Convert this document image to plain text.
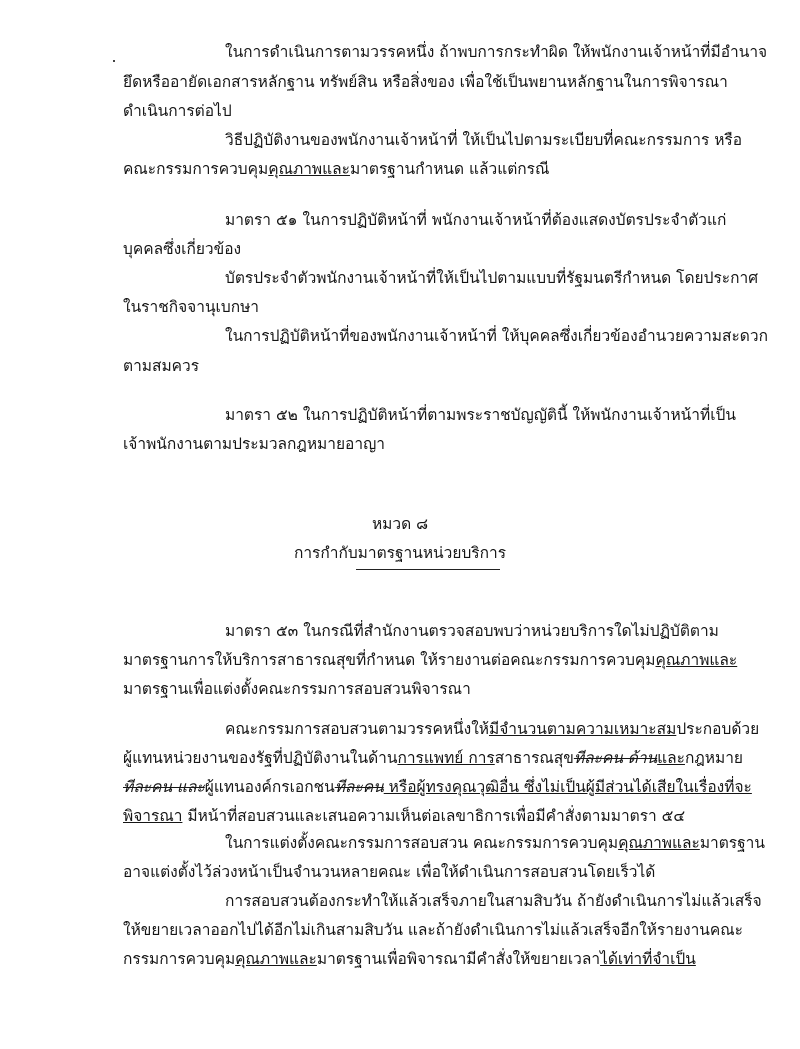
ในการดำเนินการตามวรรคหนึ่ง ถ้าพบการกระทำผิด ให้พนักงานเจ้าหน้าที่มีอำนาจ
ยึดหรืออายัดเอกสารหลักฐาน ทรัพย์สิน หรือสิ่งของ เพื่อใช้เป็นพยานหลักฐานในการพิจารณา
ดำเนินการต่อไป
วิธีปฏิบัติงานของพนักงานเจ้าหน้าที่ ให้เป็นไปตามระเบียบที่คณะกรรมการ หรือ
คณะกรรมการควบคุมคุณภาพและมาตรฐานกำหนด แล้วแต่กรณี
มาตรา ๕๑ ในการปฏิบัติหน้าที่ พนักงานเจ้าหน้าที่ต้องแสดงบัตรประจำตัวแก่
บุคคลซึ่งเกี่ยวข้อง
บัตรประจำตัวพนักงานเจ้าหน้าที่ให้เป็นไปตามแบบที่รัฐมนตรีกำหนด โดยประกาศ
ในราชกิจจานุเบกษา
ในการปฏิบัติหน้าที่ของพนักงานเจ้าหน้าที่ ให้บุคคลซึ่งเกี่ยวข้องอำนวยความสะดวก
ตามสมควร
มาตรา ๕๒ ในการปฏิบัติหน้าที่ตามพระราชบัญญัตินี้ ให้พนักงานเจ้าหน้าที่เป็น
เจ้าพนักงานตามประมวลกฎหมายอาญา
หมวด ๘
การกำกับมาตรฐานหน่วยบริการ
มาตรา ๕๓ ในกรณีที่สำนักงานตรวจสอบพบว่าหน่วยบริการใดไม่ปฏิบัติตาม
มาตรฐานการให้บริการสาธารณสุขที่กำหนด ให้รายงานต่อคณะกรรมการควบคุมคุณภาพและ
มาตรฐานเพื่อแต่งตั้งคณะกรรมการสอบสวนพิจารณา
คณะกรรมการสอบสวนตามวรรคหนึ่งให้มีจำนวนตามความเหมาะสมประกอบด้วย
ผู้แทนหน่วยงานของรัฐที่ปฏิบัติงานในด้านการแพทย์ การสาธารณสุขทีละคน ด้านและกฎหมาย
ทีละคน และผู้แทนองค์กรเอกชนทีละคน หรือผู้ทรงคุณวุฒิอื่น ซึ่งไม่เป็นผู้มีส่วนได้เสียในเรื่องที่จะ
พิจารณา มีหน้าที่สอบสวนและเสนอความเห็นต่อเลขาธิการเพื่อมีคำสั่งตามมาตรา ๕๔
ในการแต่งตั้งคณะกรรมการสอบสวน คณะกรรมการควบคุมคุณภาพและมาตรฐาน
อาจแต่งตั้งไว้ล่วงหน้าเป็นจำนวนหลายคณะ เพื่อให้ดำเนินการสอบสวนโดยเร็วได้
การสอบสวนต้องกระทำให้แล้วเสร็จภายในสามสิบวัน ถ้ายังดำเนินการไม่แล้วเสร็จ
ให้ขยายเวลาออกไปได้อีกไม่เกินสามสิบวัน และถ้ายังดำเนินการไม่แล้วเสร็จอีกให้รายงานคณะ
กรรมการควบคุมคุณภาพและมาตรฐานเพื่อพิจารณามีคำสั่งให้ขยายเวลาได้เท่าที่จำเป็น
